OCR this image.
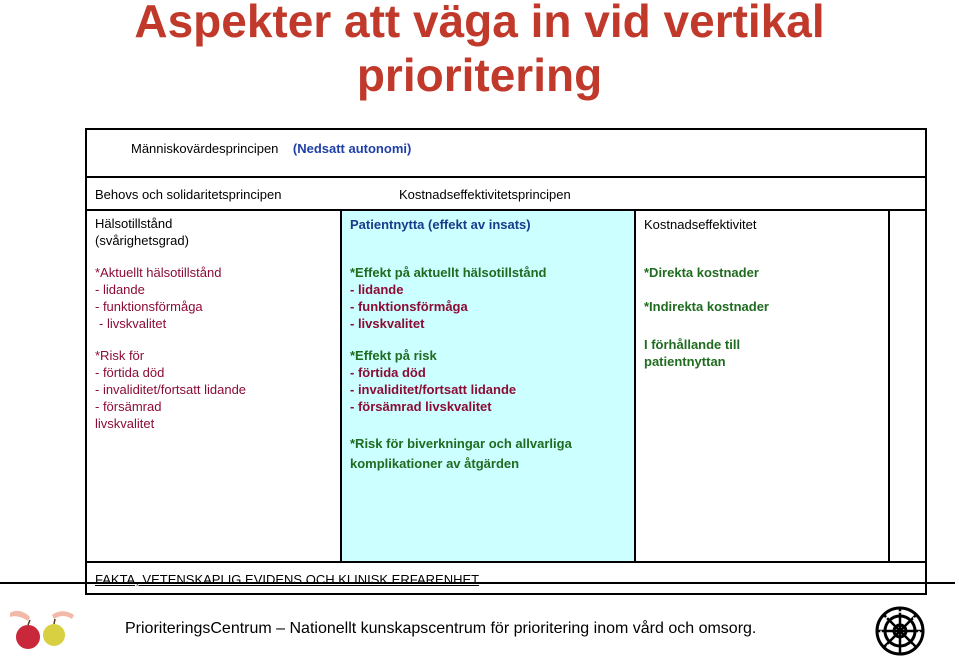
Aspekter att väga in vid vertikal
prioritering
Människovärdesprincipen (Nedsatt autonomi)
Behovs och solidaritetsprincipen	Kostnadseffektivitetsprincipen
Hälsotillstånd
(svårighetsgrad)
*Aktuellt hälsotillstånd
- lidande
- funktionsförmåga
- livskvalitet
*Risk för
- förtida död
- invaliditet/fortsatt lidande
- försämrad
livskvalitet
Patientnytta (effekt av insats)
*Effekt på aktuellt hälsotillstånd
- lidande
- funktionsförmåga
- livskvalitet
*Effekt på risk
- förtida död
- invaliditet/fortsatt lidande
- försämrad livskvalitet
*Risk för biverkningar och allvarliga
komplikationer av åtgärden
Kostnadseffektivitet
*Direkta kostnader
*Indirekta kostnader
I förhållande till
patientnyttan
FAKTA, VETENSKAPLIG EVIDENS OCH KLINISK ERFARENHET
PrioriteringsCentrum – Nationellt kunskapscentrum för prioritering inom vård och omsorg.
